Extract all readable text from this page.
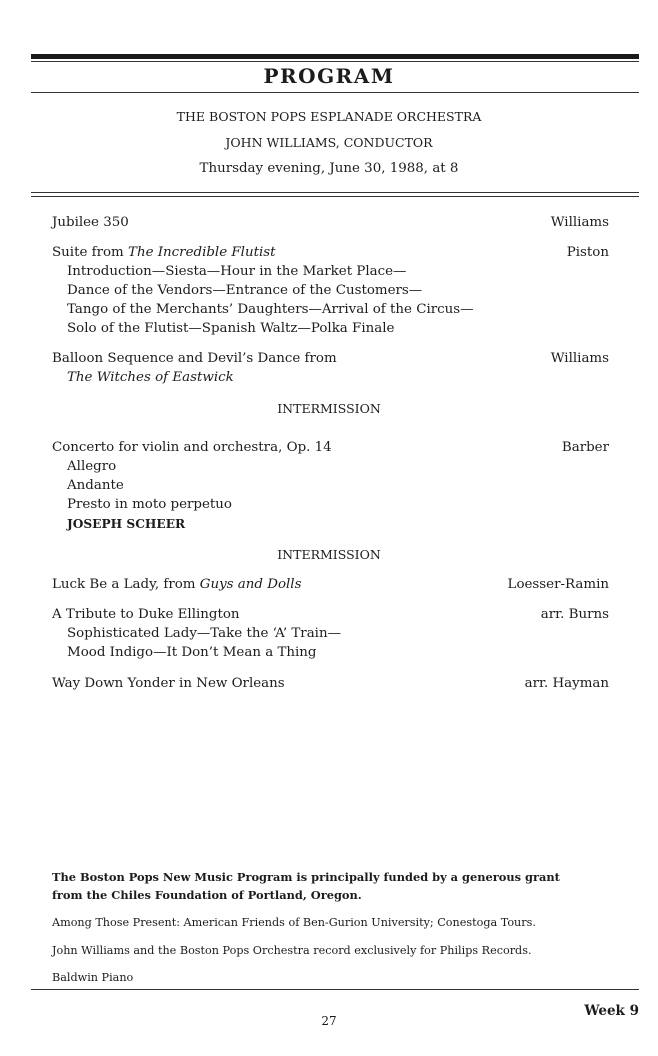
PROGRAM
THE BOSTON POPS ESPLANADE ORCHESTRA
JOHN WILLIAMS, CONDUCTOR
Thursday evening, June 30, 1988, at 8
Jubilee 350	Williams
Suite from The Incredible Flutist	Piston
Introduction—Siesta—Hour in the Market Place—
Dance of the Vendors—Entrance of the Customers—
Tango of the Merchants’ Daughters—Arrival of the Circus—
Solo of the Flutist—Spanish Waltz—Polka Finale
Balloon Sequence and Devil’s Dance from	Williams
The Witches of Eastwick
INTERMISSION
Concerto for violin and orchestra, Op. 14	Barber
Allegro
Andante
Presto in moto perpetuo
JOSEPH SCHEER
INTERMISSION
Luck Be a Lady, from Guys and Dolls	Loesser-Ramin
A Tribute to Duke Ellington	arr. Burns
Sophisticated Lady—Take the ‘A’ Train—
Mood Indigo—It Don’t Mean a Thing
Way Down Yonder in New Orleans	arr. Hayman
The Boston Pops New Music Program is principally funded by a generous grant
from the Chiles Foundation of Portland, Oregon.
Among Those Present: American Friends of Ben-Gurion University; Conestoga Tours.
John Williams and the Boston Pops Orchestra record exclusively for Philips Records.
Baldwin Piano
Week 9
27
